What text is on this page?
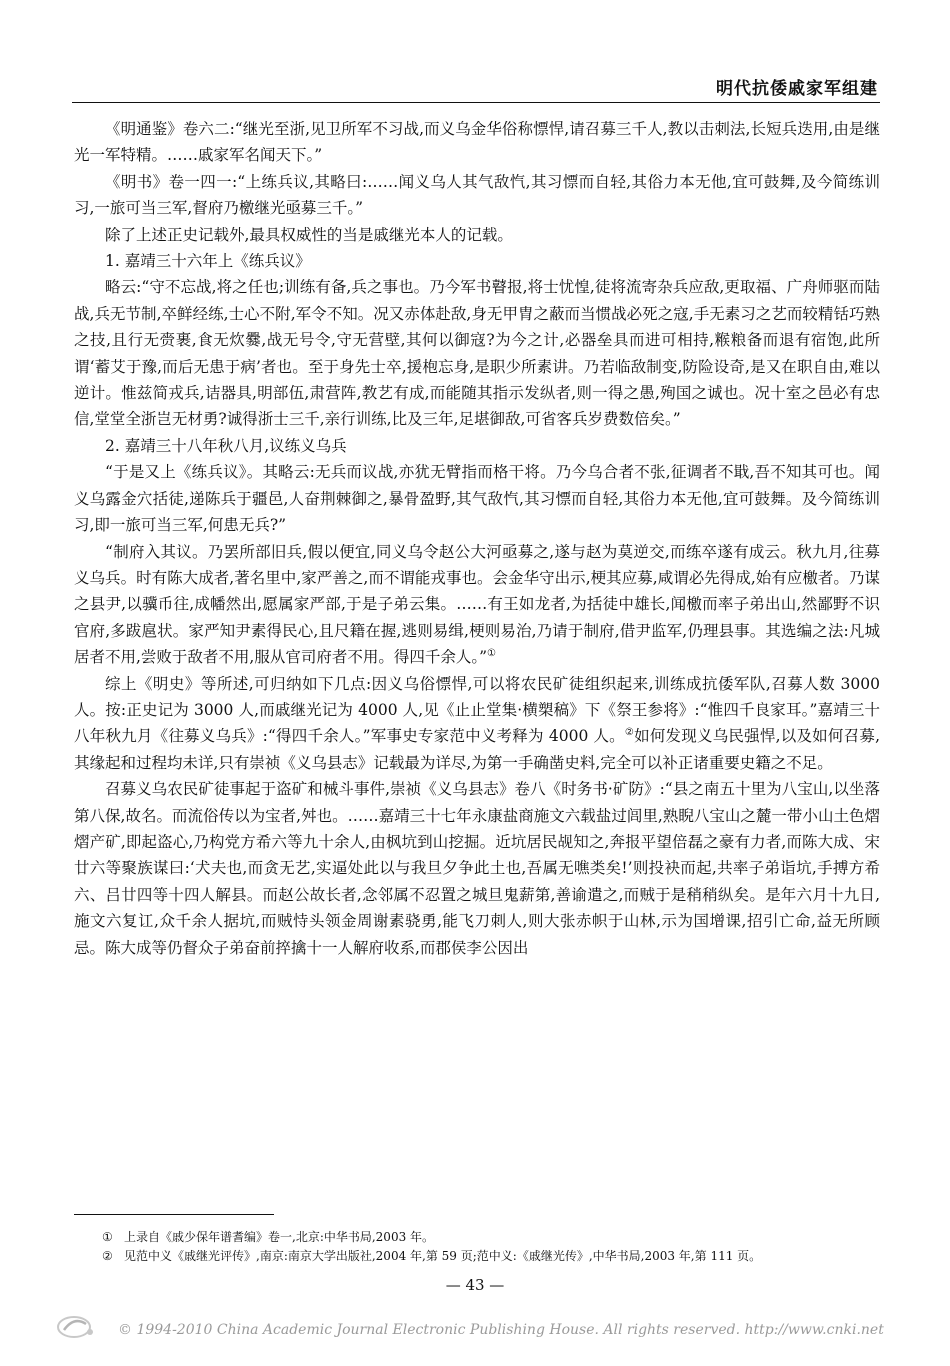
明代抗倭戚家军组建

《明通鉴》卷六二:“继光至浙,见卫所军不习战,而义乌金华俗称慓悍,请召募三千人,教以击刺法,长短兵迭用,由是继光一军特精。……戚家军名闻天下。”

《明书》卷一四一:“上练兵议,其略曰:……闻义乌人其气敌忾,其习慓而自轻,其俗力本无他,宜可鼓舞,及今简练训习,一旅可当三军,督府乃檄继光亟募三千。”

除了上述正史记载外,最具权威性的当是戚继光本人的记载。

1. 嘉靖三十六年上《练兵议》

略云:“守不忘战,将之任也;训练有备,兵之事也。乃今军书瞽报,将士忧惶,徒将流寄杂兵应敌,更取福、广舟师驱而陆战,兵无节制,卒鲜经练,士心不附,军令不知。况又赤体赴敌,身无甲胄之蔽而当惯战必死之寇,手无素习之艺而较精铦巧熟之技,且行无赍裹,食无炊爨,战无号令,守无营壁,其何以御寇?为今之计,必器垒具而进可相持,糇粮备而退有宿饱,此所谓‘蓄艾于豫,而后无患于病’者也。至于身先士卒,援枹忘身,是职少所素讲。乃若临敌制变,防险设奇,是又在职自由,难以逆计。惟兹简戎兵,诘器具,明部伍,肃营阵,教艺有成,而能随其指示发纵者,则一得之愚,殉国之诚也。况十室之邑必有忠信,堂堂全浙岂无材勇?诚得浙士三千,亲行训练,比及三年,足堪御敌,可省客兵岁费数倍矣。”

2. 嘉靖三十八年秋八月,议练义乌兵

“于是又上《练兵议》。其略云:无兵而议战,亦犹无臂指而格干将。乃今乌合者不张,征调者不戢,吾不知其可也。闻义乌露金穴括徒,递陈兵于疆邑,人奋荆棘御之,暴骨盈野,其气敌忾,其习慓而自轻,其俗力本无他,宜可鼓舞。及今简练训习,即一旅可当三军,何患无兵?”

“制府入其议。乃罢所部旧兵,假以便宜,同义乌令赵公大河亟募之,遂与赵为莫逆交,而练卒遂有成云。秋九月,往募义乌兵。时有陈大成者,著名里中,家严善之,而不谓能戎事也。会金华守出示,梗其应募,咸谓必先得成,始有应檄者。乃谋之县尹,以骥币往,成幡然出,愿属家严部,于是子弟云集。……有王如龙者,为括徒中雄长,闻檄而率子弟出山,然鄙野不识官府,多跋扈状。家严知尹素得民心,且尺籍在握,逃则易缉,梗则易治,乃请于制府,借尹监军,仍理县事。其选编之法:凡城居者不用,尝败于敌者不用,服从官司府者不用。得四千余人。”①

综上《明史》等所述,可归纳如下几点:因义乌俗慓悍,可以将农民矿徒组织起来,训练成抗倭军队,召募人数 3000 人。按:正史记为 3000 人,而戚继光记为 4000 人,见《止止堂集·横槊稿》下《祭王参将》:“惟四千良家耳。”嘉靖三十八年秋九月《往募义乌兵》:“得四千余人。”军事史专家范中义考释为 4000 人。②如何发现义乌民强悍,以及如何召募,其缘起和过程均未详,只有崇祯《义乌县志》记载最为详尽,为第一手确凿史料,完全可以补正诸重要史籍之不足。

召募义乌农民矿徒事起于盗矿和械斗事件,崇祯《义乌县志》卷八《时务书·矿防》:“县之南五十里为八宝山,以坐落第八保,故名。而流俗传以为宝者,舛也。……嘉靖三十七年永康盐商施文六载盐过闾里,熟睨八宝山之麓一带小山土色熠熠产矿,即起盗心,乃构党方希六等九十余人,由枫坑到山挖掘。近坑居民觇知之,奔报平望倍磊之豪有力者,而陈大成、宋廿六等聚族谋曰:‘犬夫也,而贪无艺,实逼处此以与我旦夕争此土也,吾属无噍类矣!’则投袂而起,共率子弟诣坑,手搏方希六、吕廿四等十四人解县。而赵公故长者,念邻属不忍置之城旦鬼薪第,善谕遣之,而贼于是稍稍纵矣。是年六月十九日,施文六复讧,众千余人据坑,而贼恃头领金周谢素骁勇,能飞刀刺人,则大张赤帜于山林,示为国增课,招引亡命,益无所顾忌。陈大成等仍督众子弟奋前捽擒十一人解府收系,而郡侯李公因出

① 上录自《戚少保年谱耆编》卷一,北京:中华书局,2003 年。
② 见范中义《戚继光评传》,南京:南京大学出版社,2004 年,第 59 页;范中义:《戚继光传》,中华书局,2003 年,第 111 页。
— 43 —
© 1994-2010 China Academic Journal Electronic Publishing House. All rights reserved. http://www.cnki.net
